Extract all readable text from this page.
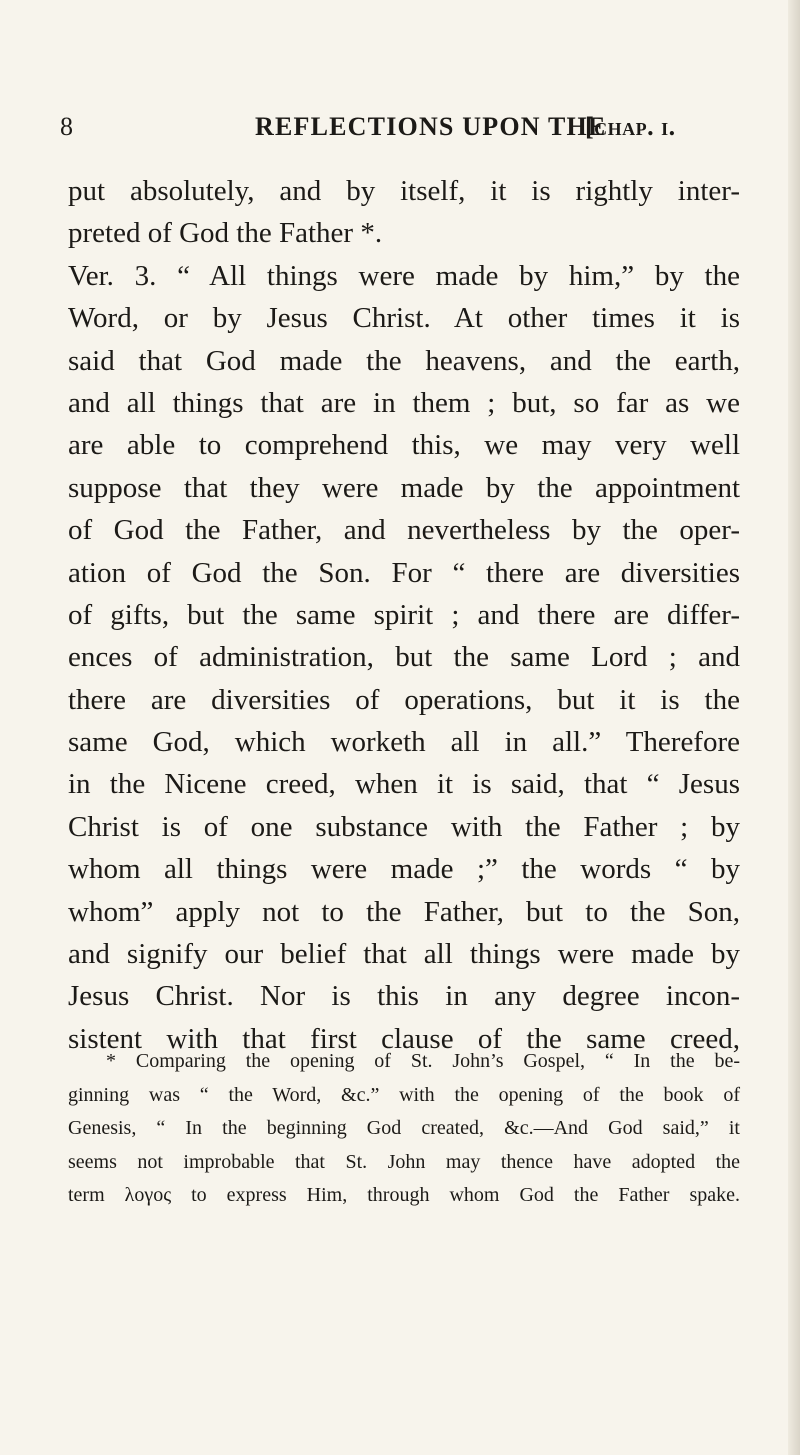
8	REFLECTIONS UPON THE
[chap. i.
put absolutely, and by itself, it is rightly inter-
preted of God the Father *.
Ver. 3. “ All things were made by him,” by the
Word, or by Jesus Christ. At other times it is
said that God made the heavens, and the earth,
and all things that are in them ; but, so far as we
are able to comprehend this, we may very well
suppose that they were made by the appointment
of God the Father, and nevertheless by the oper-
ation of God the Son. For “ there are diversities
of gifts, but the same spirit ; and there are differ-
ences of administration, but the same Lord ; and
there are diversities of operations, but it is the
same God, which worketh all in all.” Therefore
in the Nicene creed, when it is said, that “ Jesus
Christ is of one substance with the Father ; by
whom all things were made ;” the words “ by
whom” apply not to the Father, but to the Son,
and signify our belief that all things were made by
Jesus Christ. Nor is this in any degree incon-
sistent with that first clause of the same creed,
* Comparing the opening of St. John’s Gospel, “ In the be-
ginning was “ the Word, &c.” with the opening of the book of
Genesis, “ In the beginning God created, &c.—And God said,” it
seems not improbable that St. John may thence have adopted the
term λογος to express Him, through whom God the Father spake.
